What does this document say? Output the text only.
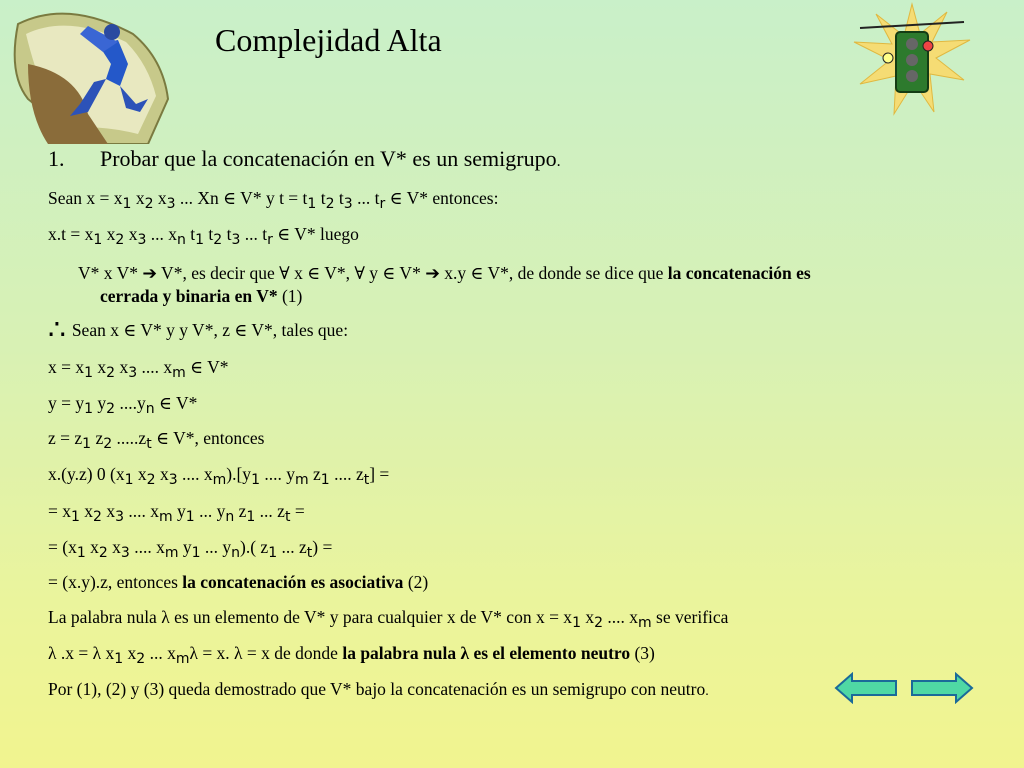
Complejidad Alta
1. Probar que la concatenación en V* es un semigrupo.
Sean $x = x_1$ $x_2$ $x_3$ ... Xn ∈ V* y $t = t_1$ $t_2$ $t_3$ ... $t_r$ ∈ V* entonces:
$x.t = x_1$ $x_2$ $x_3$ ... $x_n$ $t_1$ $t_2$ $t_3$ ... $t_r$ ∈ V* luego
V* x V* ➔ V*, es decir que ∀ x ∈ V*, ∀ y ∈ V* ➔ x.y ∈ V*, de donde se dice que la concatenación es
cerrada y binaria en V* (1)
∴ Sean x ∈ V* y y V*, z ∈ V*, tales que:
$x = x_1$ $x_2$ $x_3$ .... $x_m$ ∈ V*
$y = y_1$ $y_2$ $....y_n$ ∈ V*
$z = z_1$ $z_2$ $.....z_t$ ∈ V*, entonces
x.(y.z) 0 ($x_1$ $x_2$ $x_3$ .... $x_m).[y_1$ .... $y_m$ $z_1$ .... $z_t$] =
= $x_1$ $x_2$ $x_3$ .... $x_m$ $y_1$ ... $y_n$ $z_1$ ... $z_t$ =
= ($x_1$ $x_2$ $x_3$ .... $x_m$ $y_1$ ... $y_n$).( $z_1$ ... $z_t$) =
= (x.y).z, entonces la concatenación es asociativa (2)
La palabra nula λ es un elemento de V* y para cualquier x de V* con $x = x_1$ $x_2$ .... $x_m$ se verifica
λ .x = λ $x_1$ $x_2$ ... $x_m\lambda = x$. λ = x de donde la palabra nula λ es el elemento neutro (3)
Por (1), (2) y (3) queda demostrado que V* bajo la concatenación es un semigrupo con neutro.
